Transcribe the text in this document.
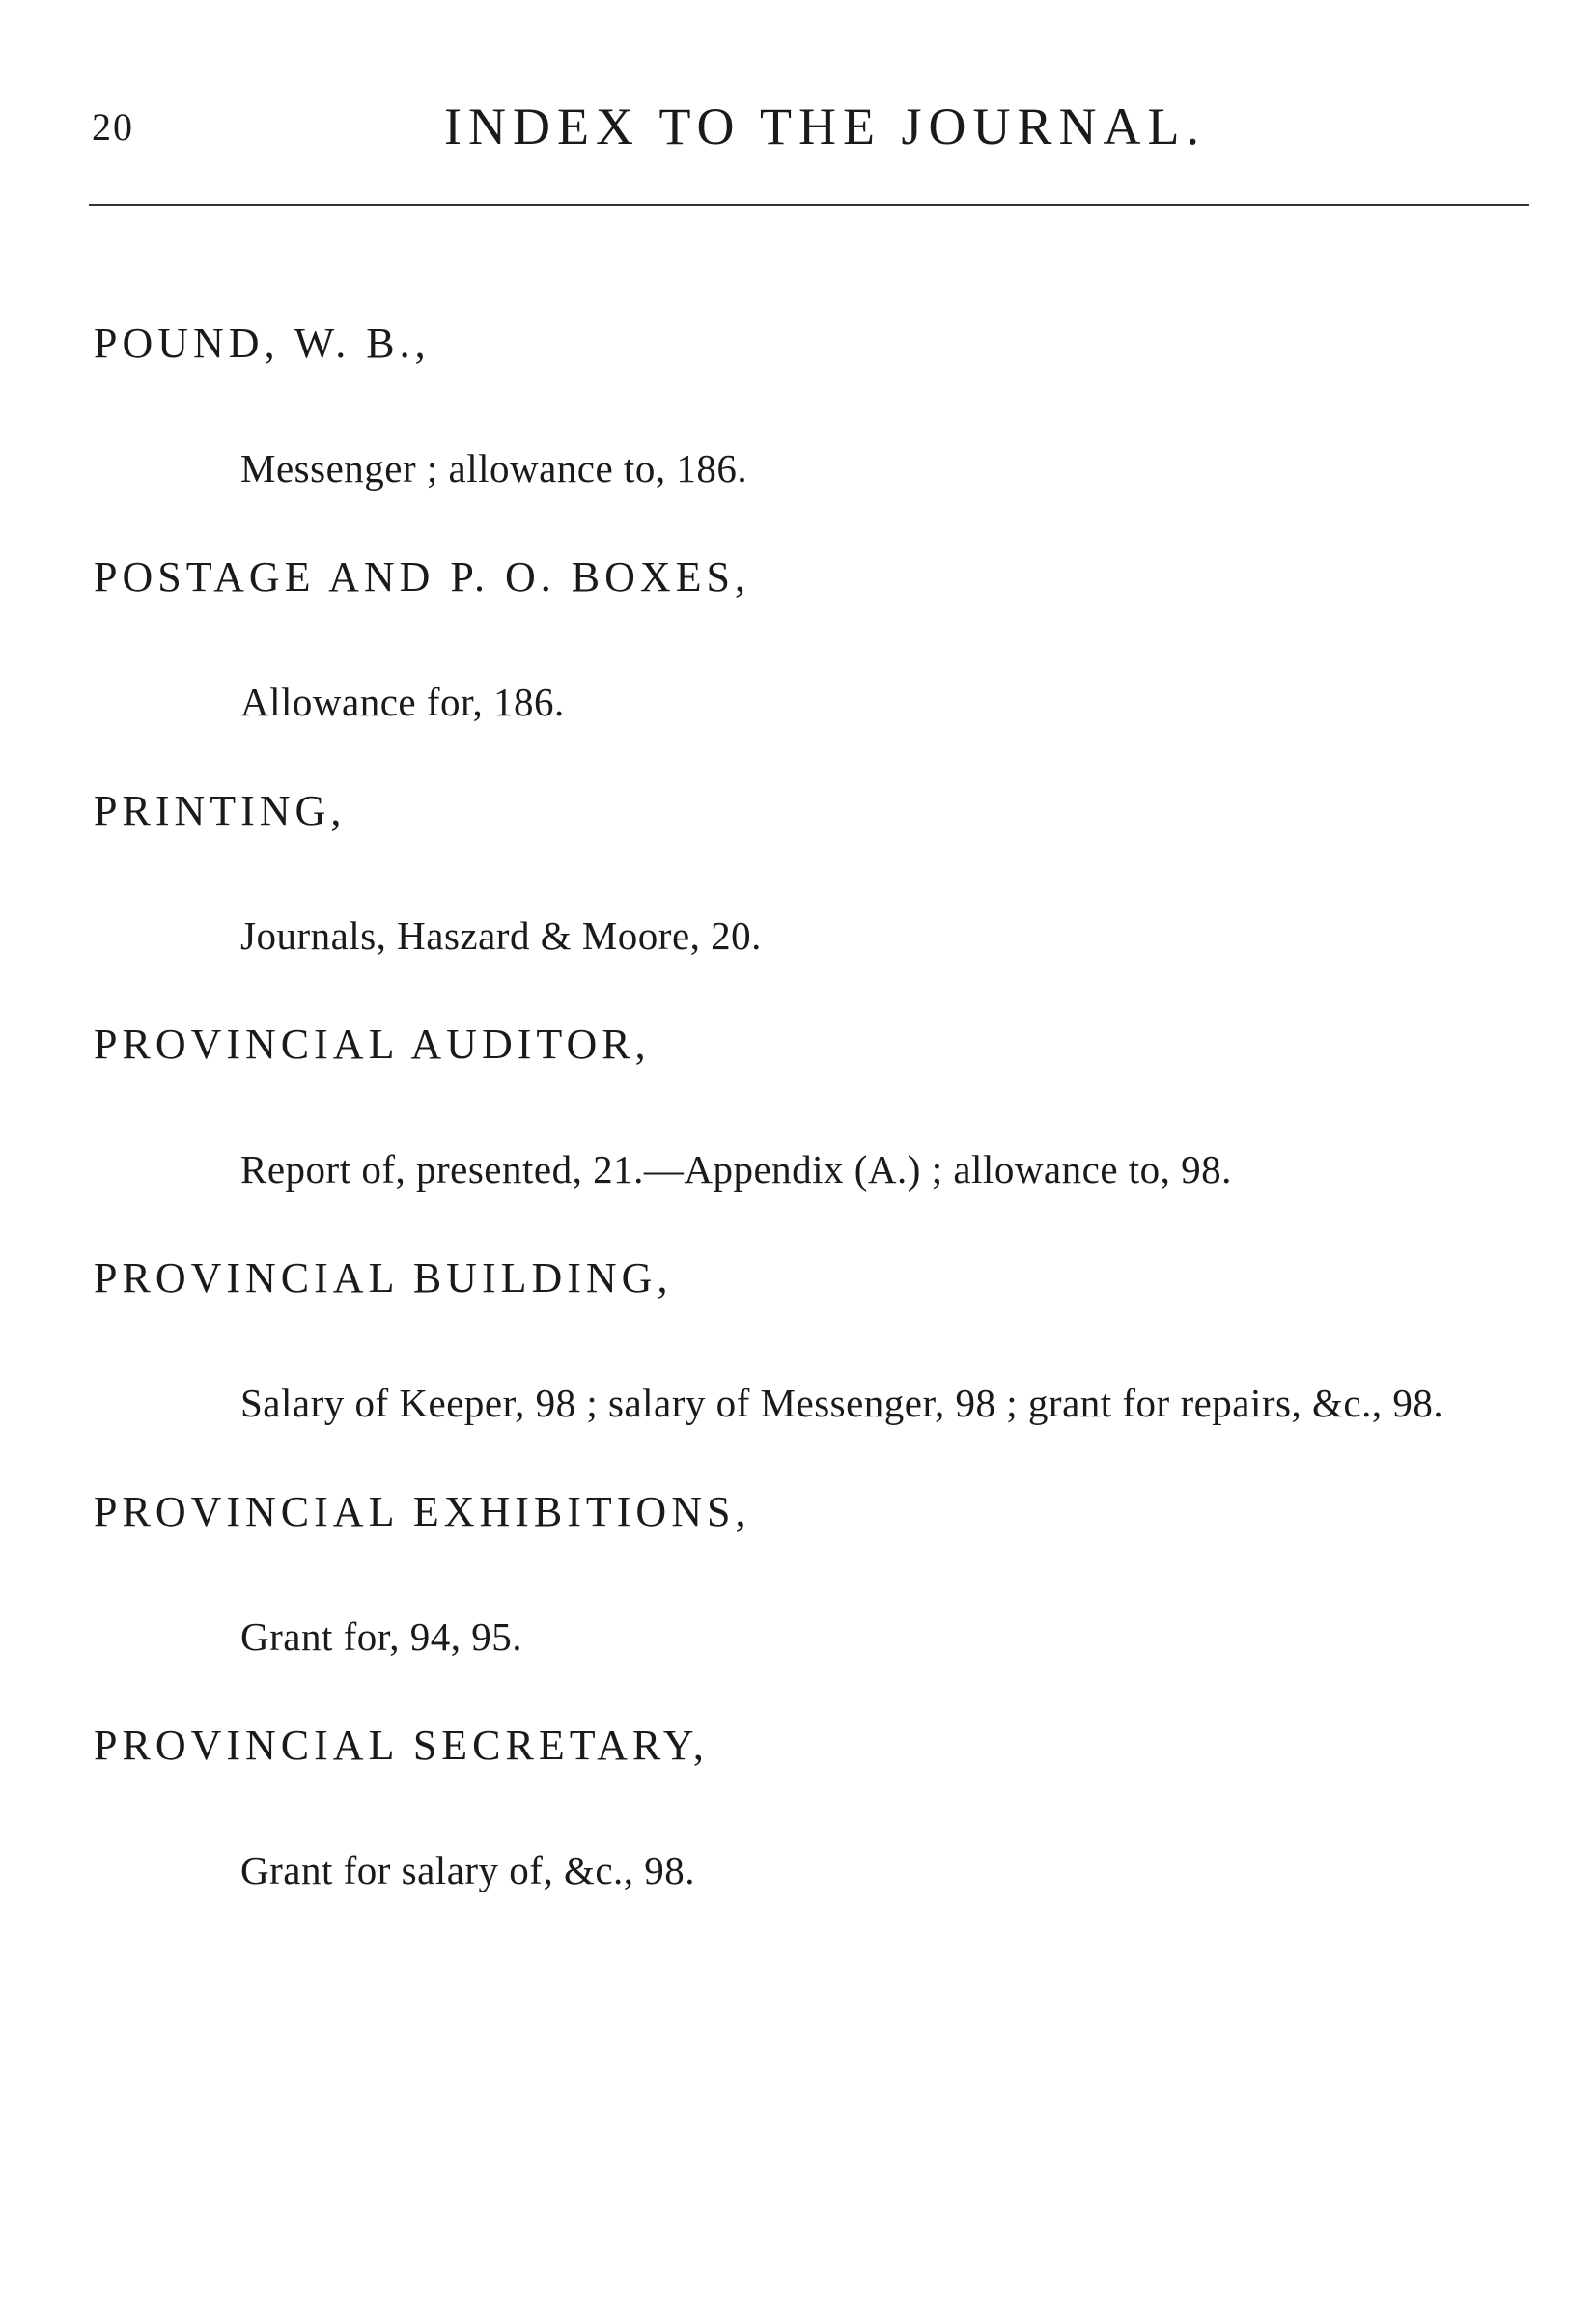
20	INDEX TO THE JOURNAL.
POUND, W. B.,
Messenger ; allowance to, 186.
POSTAGE AND P. O. BOXES,
Allowance for, 186.
PRINTING,
Journals, Haszard & Moore, 20.
PROVINCIAL AUDITOR,
Report of, presented, 21.—Appendix (A.) ; allowance to, 98.
PROVINCIAL BUILDING,
Salary of Keeper, 98 ; salary of Messenger, 98 ; grant for repairs, &c., 98.
PROVINCIAL EXHIBITIONS,
Grant for, 94, 95.
PROVINCIAL SECRETARY,
Grant for salary of, &c., 98.
